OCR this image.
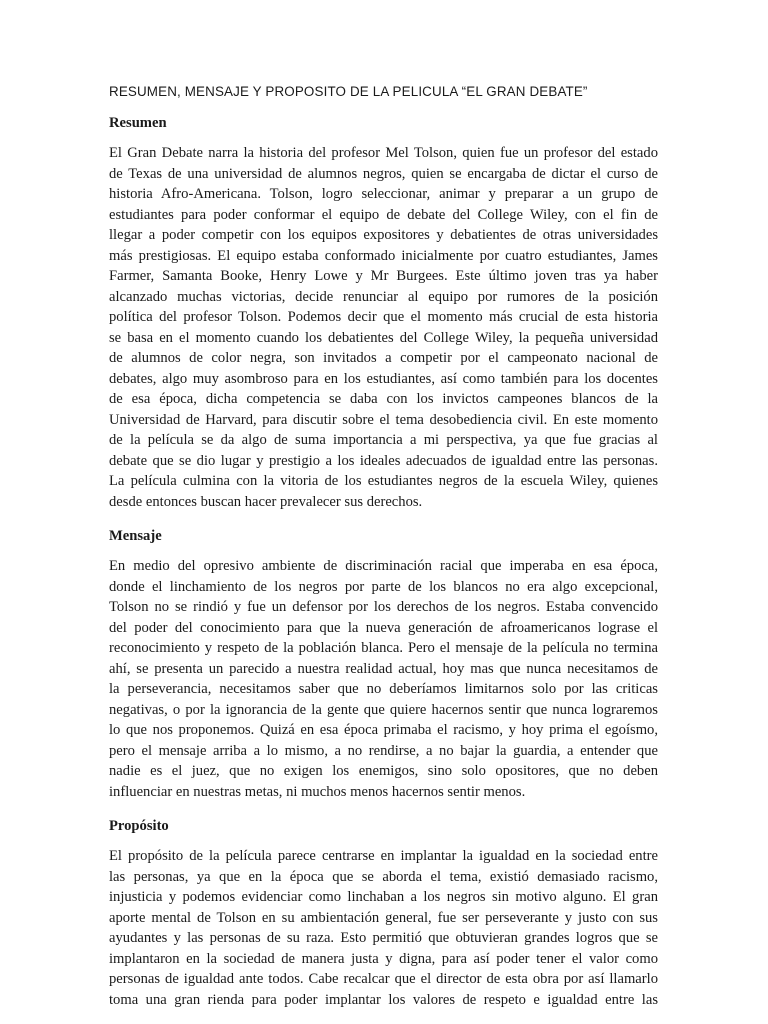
RESUMEN, MENSAJE Y PROPOSITO DE LA PELICULA “EL GRAN DEBATE”
Resumen
El Gran Debate narra la historia del profesor Mel Tolson, quien fue un profesor del estado
de Texas de una universidad de alumnos negros, quien se encargaba de dictar el curso de
historia Afro-Americana. Tolson, logro seleccionar, animar y preparar a un grupo de
estudiantes para poder conformar el equipo de debate del College Wiley, con el fin de
llegar a poder competir con los equipos expositores y debatientes de otras universidades
más prestigiosas. El equipo estaba conformado inicialmente por cuatro estudiantes, James
Farmer, Samanta Booke, Henry Lowe y Mr Burgees. Este último joven tras ya haber
alcanzado muchas victorias, decide renunciar al equipo por rumores de la posición
política del profesor Tolson. Podemos decir que el momento más crucial de esta historia
se basa en el momento cuando los debatientes del College Wiley, la pequeña universidad
de alumnos de color negra, son invitados a competir por el campeonato nacional de
debates, algo muy asombroso para en los estudiantes, así como también para los docentes
de esa época, dicha competencia se daba con los invictos campeones blancos de la
Universidad de Harvard, para discutir sobre el tema desobediencia civil. En este momento
de la película se da algo de suma importancia a mi perspectiva, ya que fue gracias al
debate que se dio lugar y prestigio a los ideales adecuados de igualdad entre las personas.
La película culmina con la vitoria de los estudiantes negros de la escuela Wiley, quienes
desde entonces buscan hacer prevalecer sus derechos.
Mensaje
En medio del opresivo ambiente de discriminación racial que imperaba en esa época,
donde el linchamiento de los negros por parte de los blancos no era algo excepcional,
Tolson no se rindió y fue un defensor por los derechos de los negros. Estaba convencido
del poder del conocimiento para que la nueva generación de afroamericanos lograse el
reconocimiento y respeto de la población blanca. Pero el mensaje de la película no termina
ahí, se presenta un parecido a nuestra realidad actual, hoy mas que nunca necesitamos de
la perseverancia, necesitamos saber que no deberíamos limitarnos solo por las criticas
negativas, o por la ignorancia de la gente que quiere hacernos sentir que nunca lograremos
lo que nos proponemos. Quizá en esa época primaba el racismo, y hoy prima el egoísmo,
pero el mensaje arriba a lo mismo, a no rendirse, a no bajar la guardia, a entender que
nadie es el juez, que no exigen los enemigos, sino solo opositores, que no deben
influenciar en nuestras metas, ni muchos menos hacernos sentir menos.
Propósito
El propósito de la película parece centrarse en implantar la igualdad en la sociedad entre
las personas, ya que en la época que se aborda el tema, existió demasiado racismo,
injusticia y podemos evidenciar como linchaban a los negros sin motivo alguno. El gran
aporte mental de Tolson en su ambientación general, fue ser perseverante y justo con sus
ayudantes y las personas de su raza. Esto permitió que obtuvieran grandes logros que se
implantaron en la sociedad de manera justa y digna, para así poder tener el valor como
personas de igualdad ante todos. Cabe recalcar que el director de esta obra por así llamarlo
toma una gran rienda para poder implantar los valores de respeto e igualdad entre las
